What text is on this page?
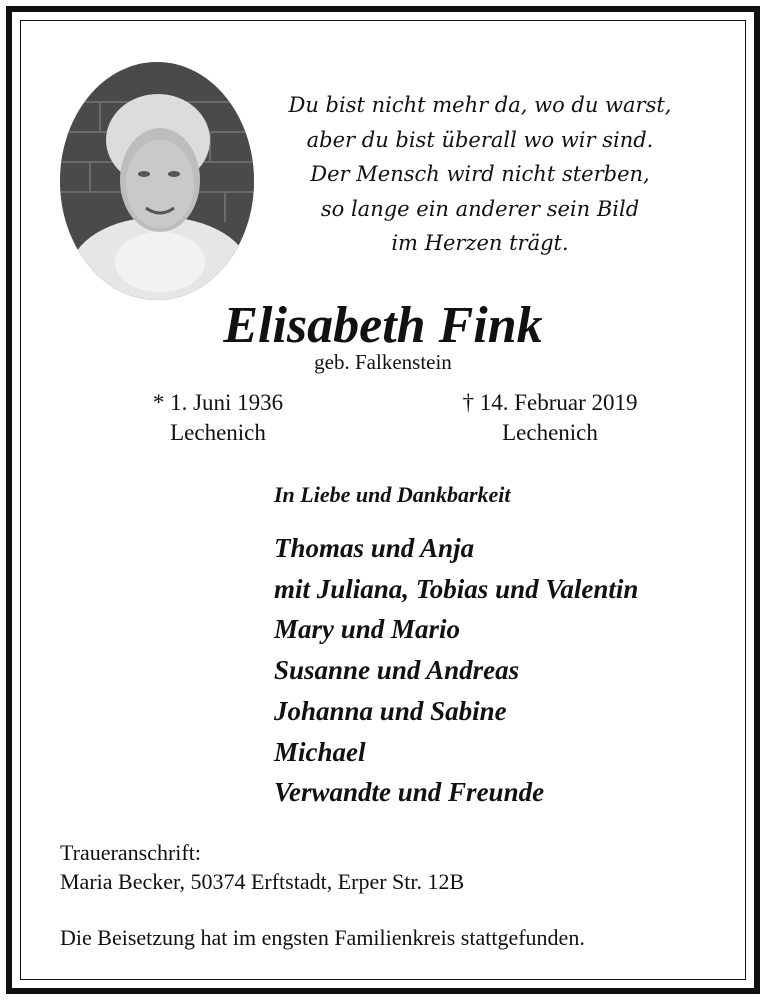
Du bist nicht mehr da, wo du warst,
aber du bist überall wo wir sind.
Der Mensch wird nicht sterben,
so lange ein anderer sein Bild
im Herzen trägt.
Elisabeth Fink
geb. Falkenstein
* 1. Juni 1936
Lechenich
† 14. Februar 2019
Lechenich
In Liebe und Dankbarkeit
Thomas und Anja
mit Juliana, Tobias und Valentin
Mary und Mario
Susanne und Andreas
Johanna und Sabine
Michael
Verwandte und Freunde
Traueranschrift:
Maria Becker, 50374 Erftstadt, Erper Str. 12B
Die Beisetzung hat im engsten Familienkreis stattgefunden.
